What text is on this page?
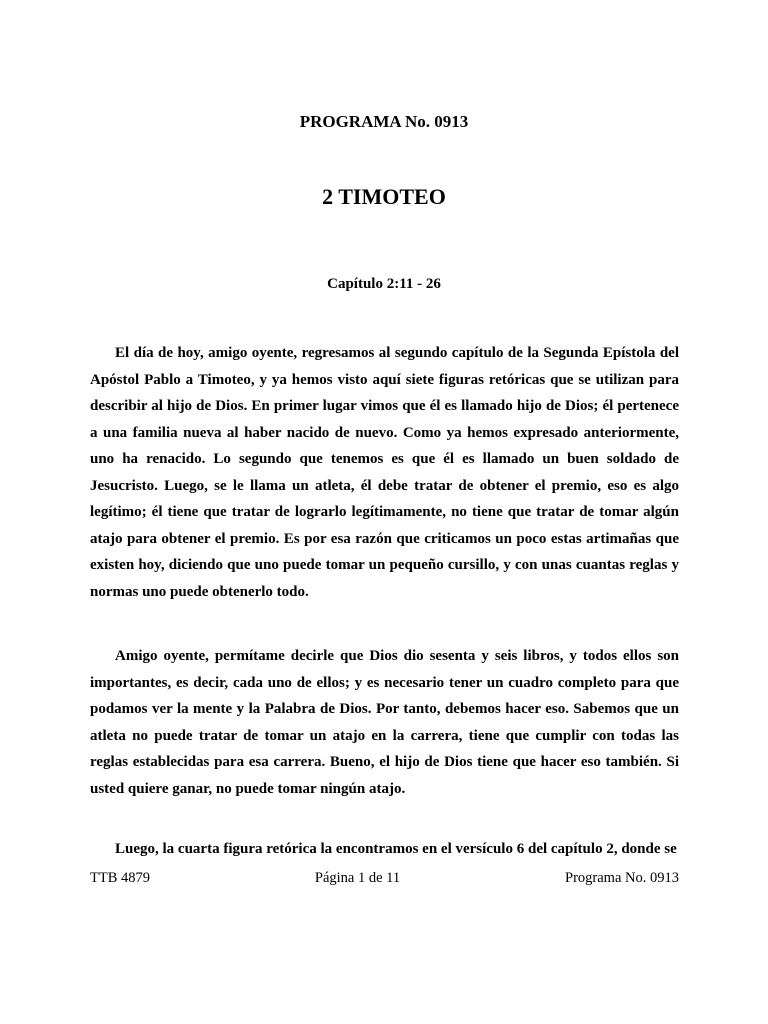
PROGRAMA No. 0913
2 TIMOTEO
Capítulo 2:11 - 26

El día de hoy, amigo oyente, regresamos al segundo capítulo de la Segunda Epístola del Apóstol Pablo a Timoteo, y ya hemos visto aquí siete figuras retóricas que se utilizan para describir al hijo de Dios. En primer lugar vimos que él es llamado hijo de Dios; él pertenece a una familia nueva al haber nacido de nuevo. Como ya hemos expresado anteriormente, uno ha renacido. Lo segundo que tenemos es que él es llamado un buen soldado de Jesucristo. Luego, se le llama un atleta, él debe tratar de obtener el premio, eso es algo legítimo; él tiene que tratar de lograrlo legítimamente, no tiene que tratar de tomar algún atajo para obtener el premio. Es por esa razón que criticamos un poco estas artimañas que existen hoy, diciendo que uno puede tomar un pequeño cursillo, y con unas cuantas reglas y normas uno puede obtenerlo todo.

Amigo oyente, permítame decirle que Dios dio sesenta y seis libros, y todos ellos son importantes, es decir, cada uno de ellos; y es necesario tener un cuadro completo para que podamos ver la mente y la Palabra de Dios. Por tanto, debemos hacer eso. Sabemos que un atleta no puede tratar de tomar un atajo en la carrera, tiene que cumplir con todas las reglas establecidas para esa carrera. Bueno, el hijo de Dios tiene que hacer eso también. Si usted quiere ganar, no puede tomar ningún atajo.

Luego, la cuarta figura retórica la encontramos en el versículo 6 del capítulo 2, donde se

TTB 4879	Página 1 de 11	Programa No. 0913
